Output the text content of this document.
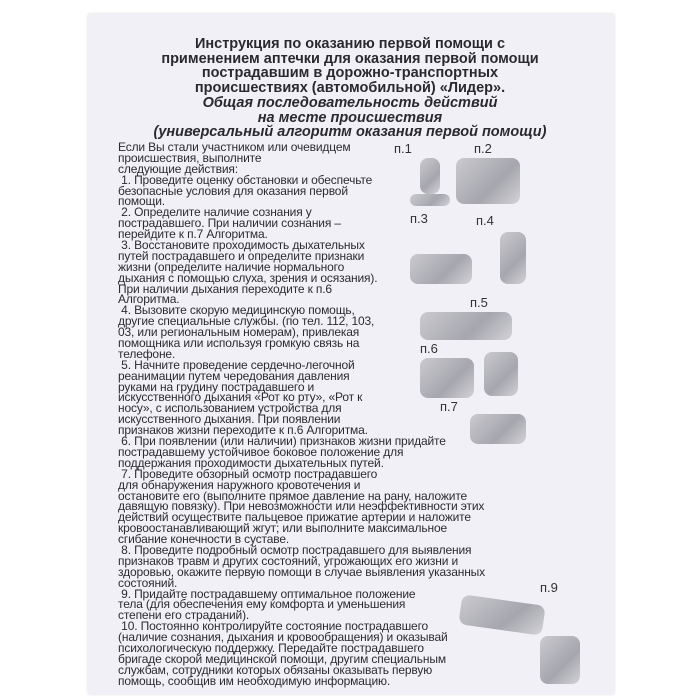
Инструкция по оказанию первой помощи с
применением аптечки для оказания первой помощи
пострадавшим в дорожно-транспортных
происшествиях (автомобильной) «Лидер».
Общая последовательность действий
на месте происшествия
(универсальный алгоритм оказания первой помощи)
п.1	п.2
п.3	п.4
п.5
п.6
п.7
п.9
Если Вы стали участником или очевидцем
происшествия, выполните
следующие действия:
1. Проведите оценку обстановки и обеспечьте
безопасные условия для оказания первой
помощи.
2. Определите наличие сознания у
пострадавшего. При наличии сознания –
перейдите к п.7 Алгоритма.
3. Восстановите проходимость дыхательных
путей пострадавшего и определите признаки
жизни (определите наличие нормального
дыхания с помощью слуха, зрения и осязания).
При наличии дыхания переходите к п.6
Алгоритма.
4. Вызовите скорую медицинскую помощь,
другие специальные службы. (по тел. 112, 103,
03, или региональным номерам), привлекая
помощника или используя громкую связь на
телефоне.
5. Начните проведение сердечно-легочной
реанимации путем чередования давления
руками на грудину пострадавшего и
искусственного дыхания «Рот ко рту», «Рот к
носу», с использованием устройства для
искусственного дыхания. При появлении
признаков жизни переходите к п.6 Алгоритма.
6. При появлении (или наличии) признаков жизни придайте
пострадавшему устойчивое боковое положение для
поддержания проходимости дыхательных путей.
7. Проведите обзорный осмотр пострадавшего
для обнаружения наружного кровотечения и
остановите его (выполните прямое давление на рану, наложите
давящую повязку). При невозможности или неэффективности этих
действий осуществите пальцевое прижатие артерии и наложите
кровоостанавливающий жгут; или выполните максимальное
сгибание конечности в суставе.
8. Проведите подробный осмотр пострадавшего для выявления
признаков травм и других состояний, угрожающих его жизни и
здоровью, окажите первую помощи в случае выявления указанных
состояний.
9. Придайте пострадавшему оптимальное положение
тела (для обеспечения ему комфорта и уменьшения
степени его страданий).
10. Постоянно контролируйте состояние пострадавшего
(наличие сознания, дыхания и кровообращения) и оказывай
психологическую поддержку. Передайте пострадавшего
бригаде скорой медицинской помощи, другим специальным
службам, сотрудники которых обязаны оказывать первую
помощь, сообщив им необходимую информацию.
